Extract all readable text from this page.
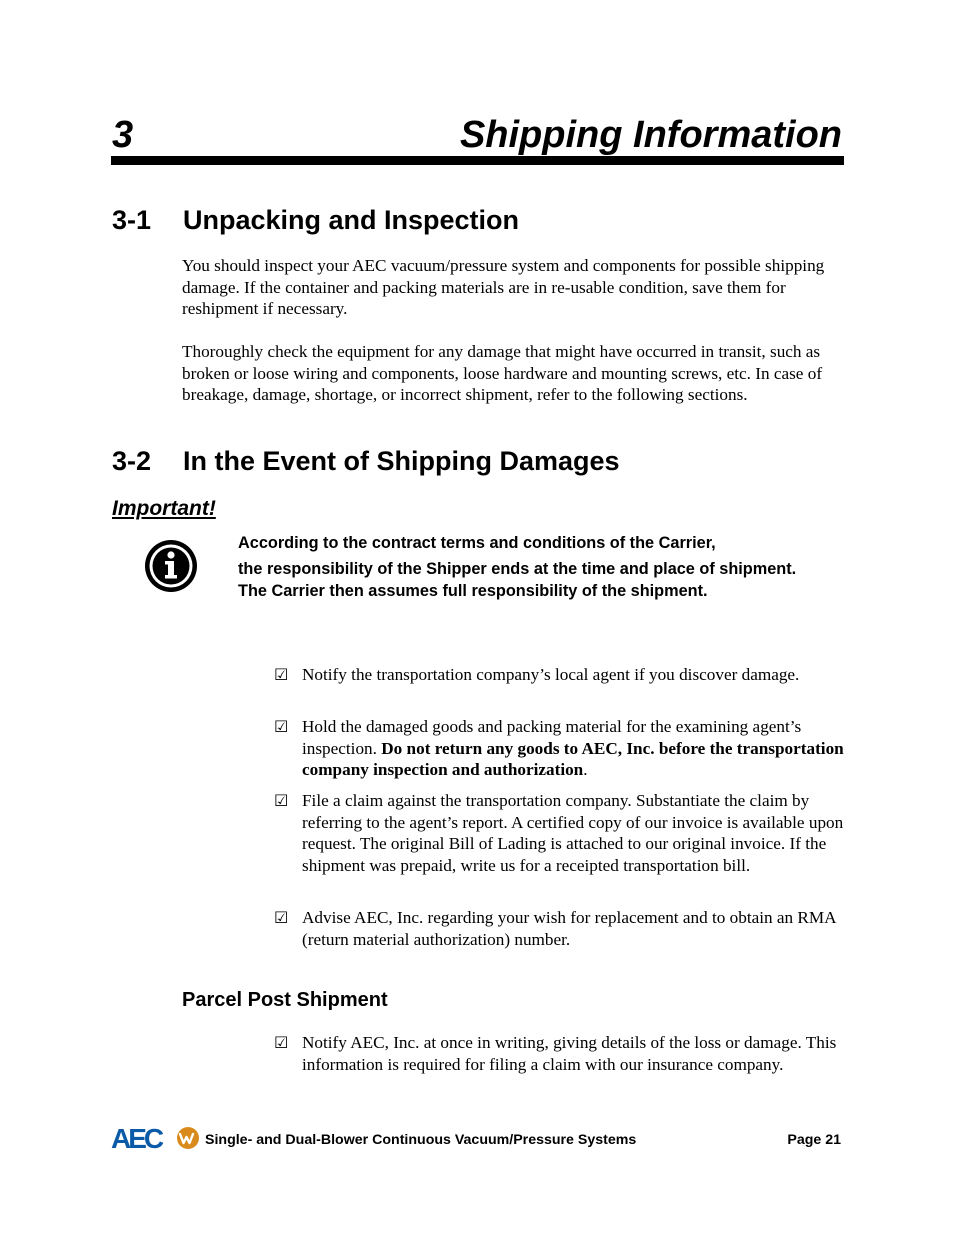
3	Shipping Information
3-1 Unpacking and Inspection

You should inspect your AEC vacuum/pressure system and components for possible shipping damage. If the container and packing materials are in re-usable condition, save them for reshipment if necessary.

Thoroughly check the equipment for any damage that might have occurred in transit, such as broken or loose wiring and components, loose hardware and mounting screws, etc. In case of breakage, damage, shortage, or incorrect shipment, refer to the following sections.

3-2 In the Event of Shipping Damages
Important!
According to the contract terms and conditions of the Carrier,
the responsibility of the Shipper ends at the time and place of shipment. The Carrier then assumes full responsibility of the shipment.
☑ Notify the transportation company’s local agent if you discover damage.
☑ Hold the damaged goods and packing material for the examining agent’s inspection. Do not return any goods to AEC, Inc. before the transportation company inspection and authorization.
☑ File a claim against the transportation company. Substantiate the claim by referring to the agent’s report. A certified copy of our invoice is available upon request. The original Bill of Lading is attached to our original invoice. If the shipment was prepaid, write us for a receipted transportation bill.
☑ Advise AEC, Inc. regarding your wish for replacement and to obtain an RMA (return material authorization) number.
Parcel Post Shipment
☑ Notify AEC, Inc. at once in writing, giving details of the loss or damage. This information is required for filing a claim with our insurance company.
AEC	Single- and Dual-Blower Continuous Vacuum/Pressure Systems	Page 21
